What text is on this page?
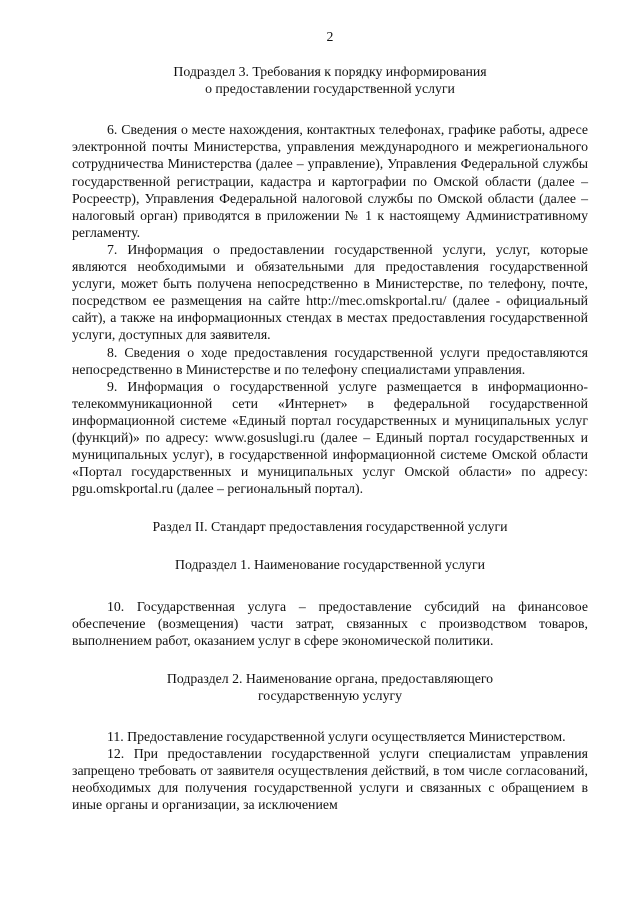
2
Подраздел 3. Требования к порядку информирования
о предоставлении государственной услуги

6. Сведения о месте нахождения, контактных телефонах, графике работы, адресе электронной почты Министерства, управления международного и межрегионального сотрудничества Министерства (далее – управление), Управления Федеральной службы государственной регистрации, кадастра и картографии по Омской области (далее – Росреестр), Управления Федеральной налоговой службы по Омской области (далее – налоговый орган) приводятся в приложении № 1 к настоящему Административному регламенту.

7. Информация о предоставлении государственной услуги, услуг, которые являются необходимыми и обязательными для предоставления государственной услуги, может быть получена непосредственно в Министерстве, по телефону, почте, посредством ее размещения на сайте http://mec.omskportal.ru/ (далее - официальный сайт), а также на информационных стендах в местах предоставления государственной услуги, доступных для заявителя.

8. Сведения о ходе предоставления государственной услуги предоставляются непосредственно в Министерстве и по телефону специалистами управления.

9. Информация о государственной услуге размещается в информационно-телекоммуникационной сети «Интернет» в федеральной государственной информационной системе «Единый портал государственных и муниципальных услуг (функций)» по адресу: www.gosuslugi.ru (далее – Единый портал государственных и муниципальных услуг), в государственной информационной системе Омской области «Портал государственных и муниципальных услуг Омской области» по адресу: pgu.omskportal.ru (далее – региональный портал).

Раздел II. Стандарт предоставления государственной услуги
Подраздел 1. Наименование государственной услуги

10. Государственная услуга – предоставление субсидий на финансовое обеспечение (возмещения) части затрат, связанных с производством товаров, выполнением работ, оказанием услуг в сфере экономической политики.

Подраздел 2. Наименование органа, предоставляющего
государственную услугу

11. Предоставление государственной услуги осуществляется Министерством.

12. При предоставлении государственной услуги специалистам управления запрещено требовать от заявителя осуществления действий, в том числе согласований, необходимых для получения государственной услуги и связанных с обращением в иные органы и организации, за исключением
